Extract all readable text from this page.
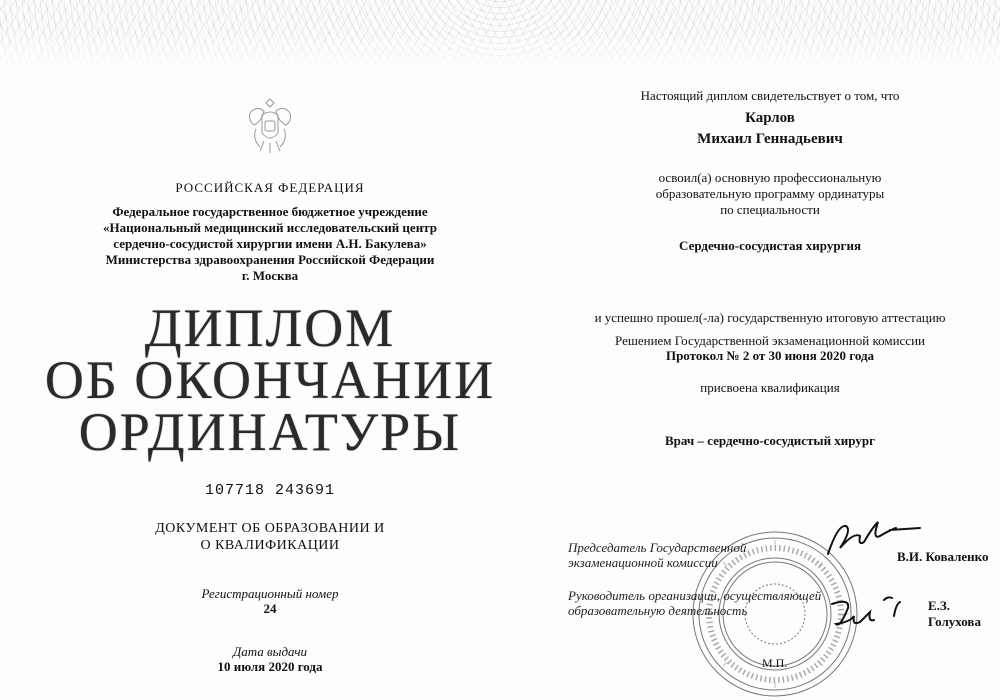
РОССИЙСКАЯ ФЕДЕРАЦИЯ
Федеральное государственное бюджетное учреждение
«Национальный медицинский исследовательский центр
сердечно-сосудистой хирургии имени А.Н. Бакулева»
Министерства здравоохранения Российской Федерации
г. Москва
ДИПЛОМ
ОБ ОКОНЧАНИИ
ОРДИНАТУРЫ
107718 243691
ДОКУМЕНТ ОБ ОБРАЗОВАНИИ И
О КВАЛИФИКАЦИИ
Регистрационный номер
24
Дата выдачи
10 июля 2020 года
Настоящий диплом свидетельствует о том, что
Карлов
Михаил Геннадьевич
освоил(а) основную профессиональную
образовательную программу ординатуры
по специальности
Сердечно-сосудистая хирургия
и успешно прошел(-ла) государственную итоговую аттестацию
Решением Государственной экзаменационной комиссии
Протокол № 2 от 30 июня 2020 года
присвоена квалификация
Врач – сердечно-сосудистый хирург
М.П.
Председатель Государственной
экзаменационной комиссии	В.И. Коваленко
Руководитель организации, осуществляющей
образовательную деятельность	Е.З. Голухова
